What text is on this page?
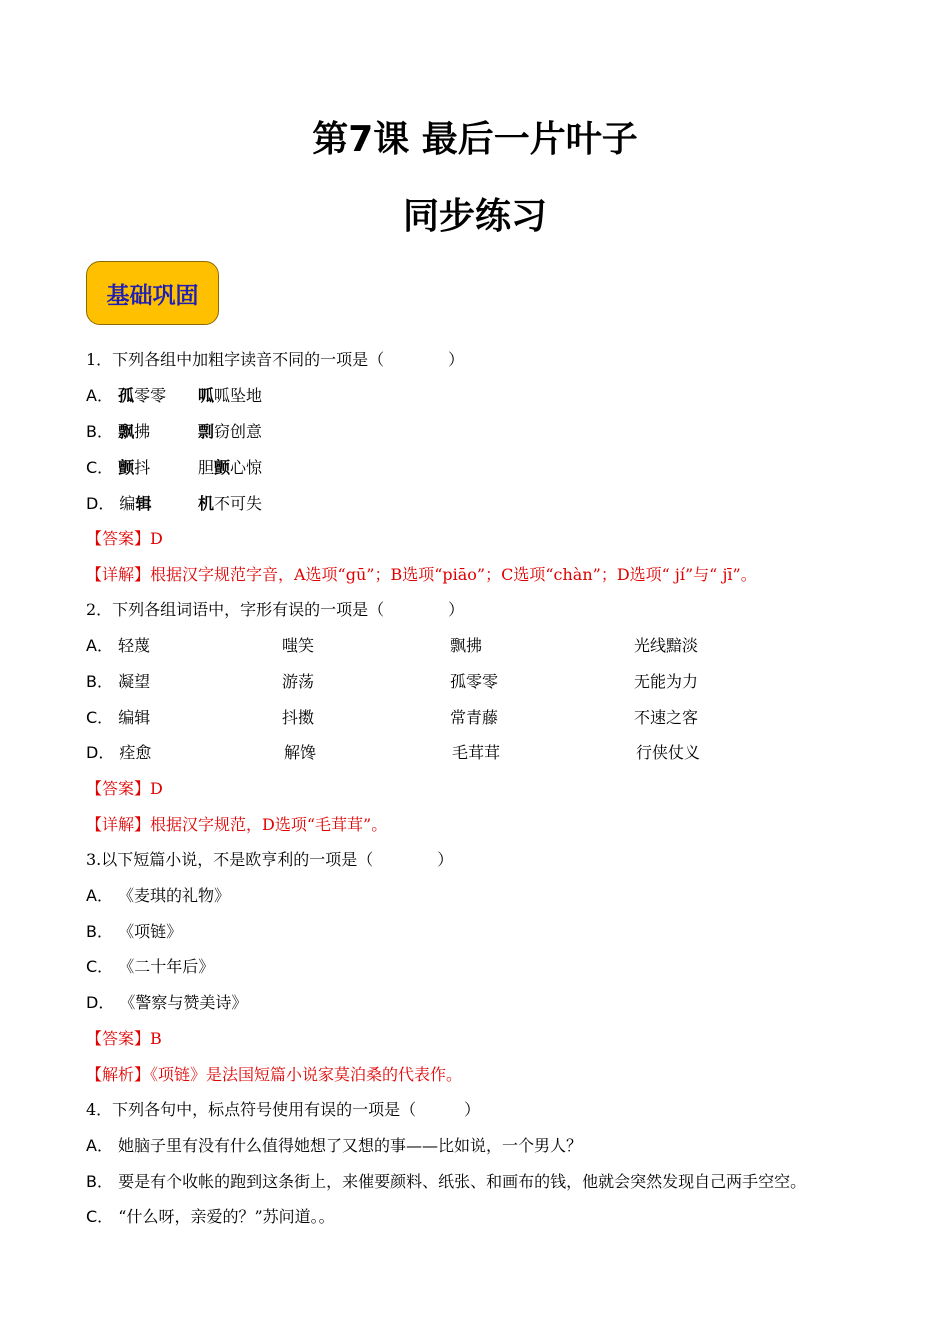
第7课 最后一片叶子
同步练习
基础巩固
1．下列各组中加粗字读音不同的一项是（　　　　）
A． 孤零零 呱呱坠地
B． 飘拂	剽窃创意
C． 颤抖	胆颤心惊
D． 编辑	机不可失
【答案】D
【详解】根据汉字规范字音，A选项“gū”；B选项“piāo”；C选项“chàn”；D选项“ jí”与“ jī”。
2．下列各组词语中，字形有误的一项是（　　　　）
A． 轻蔑	嗤笑	飘拂	光线黯淡
B． 凝望	游荡	孤零零	无能为力
C． 编辑	抖擞	常青藤	不速之客
D． 痊愈	解馋	毛茸茸	行侠仗义
【答案】D
【详解】根据汉字规范，D选项“毛茸茸”。
3.以下短篇小说，不是欧亨利的一项是（　　　　）
A． 《麦琪的礼物》
B． 《项链》
C． 《二十年后》
D． 《警察与赞美诗》
【答案】B
【解析】《项链》是法国短篇小说家莫泊桑的代表作。
4．下列各句中，标点符号使用有误的一项是（　　　）
A． 她脑子里有没有什么值得她想了又想的事——比如说，一个男人？
B． 要是有个收帐的跑到这条街上，来催要颜料、纸张、和画布的钱，他就会突然发现自己两手空空。
C． “什么呀，亲爱的？”苏问道。。
